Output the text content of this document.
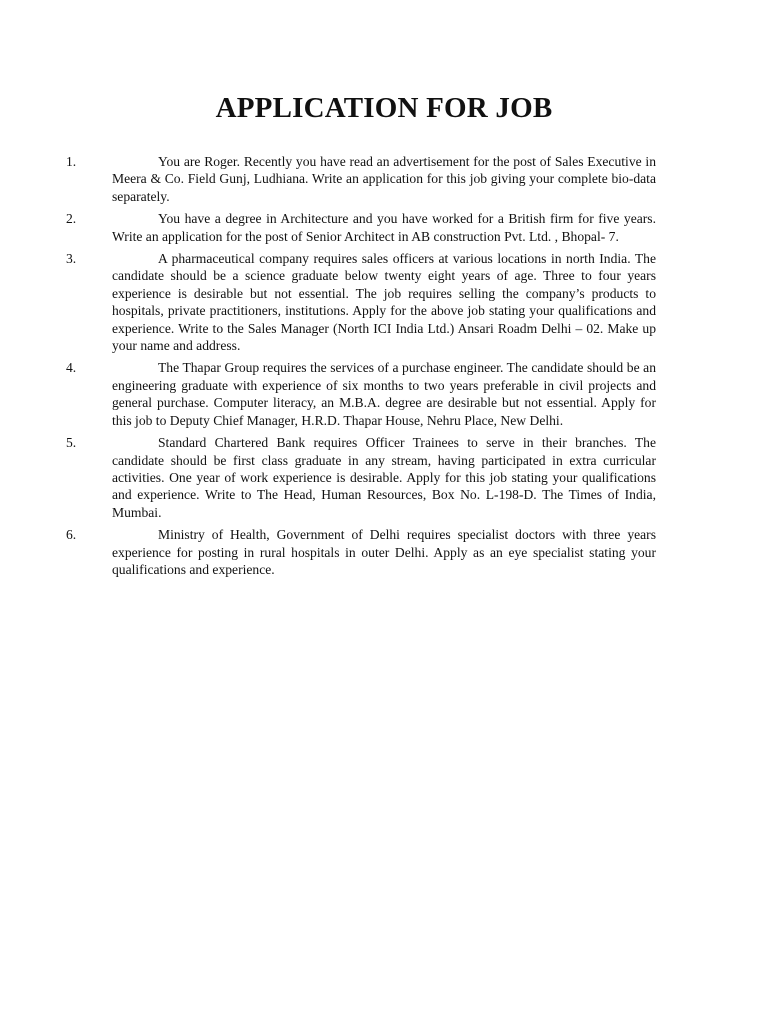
APPLICATION FOR JOB
1.	You are Roger. Recently you have read an advertisement for the post of Sales Executive in Meera & Co. Field Gunj, Ludhiana. Write an application for this job giving your complete bio-data separately.
2.	You have a degree in Architecture and you have worked for a British firm for five years. Write an application for the post of Senior Architect in AB construction Pvt. Ltd. , Bhopal- 7.
3.	A pharmaceutical company requires sales officers at various locations in north India. The candidate should be a science graduate below twenty eight years of age. Three to four years experience is desirable but not essential. The job requires selling the company’s products to hospitals, private practitioners, institutions. Apply for the above job stating your qualifications and experience. Write to the Sales Manager (North ICI India Ltd.) Ansari Roadm Delhi – 02. Make up your name and address.
4.	The Thapar Group requires the services of a purchase engineer. The candidate should be an engineering graduate with experience of six months to two years preferable in civil projects and general purchase. Computer literacy, an M.B.A. degree are desirable but not essential. Apply for this job to Deputy Chief Manager, H.R.D. Thapar House, Nehru Place, New Delhi.
5.	Standard Chartered Bank requires Officer Trainees to serve in their branches. The candidate should be first class graduate in any stream, having participated in extra curricular activities. One year of work experience is desirable. Apply for this job stating your qualifications and experience. Write to The Head, Human Resources, Box No. L-198-D. The Times of India, Mumbai.
6.	Ministry of Health, Government of Delhi requires specialist doctors with three years experience for posting in rural hospitals in outer Delhi. Apply as an eye specialist stating your qualifications and experience.
